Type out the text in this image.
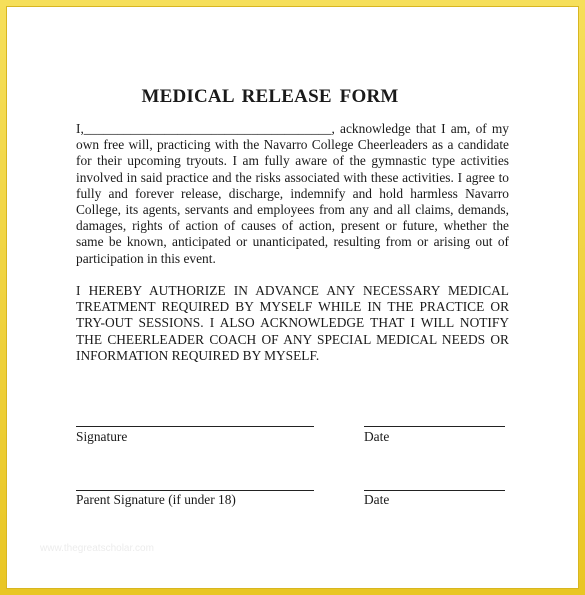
MEDICAL RELEASE FORM
I,_____________________________________, acknowledge that I am, of my own free will, practicing with the Navarro College Cheerleaders as a candidate for their upcoming tryouts. I am fully aware of the gymnastic type activities involved in said practice and the risks associated with these activities. I agree to fully and forever release, discharge, indemnify and hold harmless Navarro College, its agents, servants and employees from any and all claims, demands, damages, rights of action of causes of action, present or future, whether the same be known, anticipated or unanticipated, resulting from or arising out of participation in this event.
I HEREBY AUTHORIZE IN ADVANCE ANY NECESSARY MEDICAL TREATMENT REQUIRED BY MYSELF WHILE IN THE PRACTICE OR TRY-OUT SESSIONS. I ALSO ACKNOWLEDGE THAT I WILL NOTIFY THE CHEERLEADER COACH OF ANY SPECIAL MEDICAL NEEDS OR INFORMATION REQUIRED BY MYSELF.
Signature	Date
Parent Signature (if under 18)	Date
www.thegreatscholar.com
